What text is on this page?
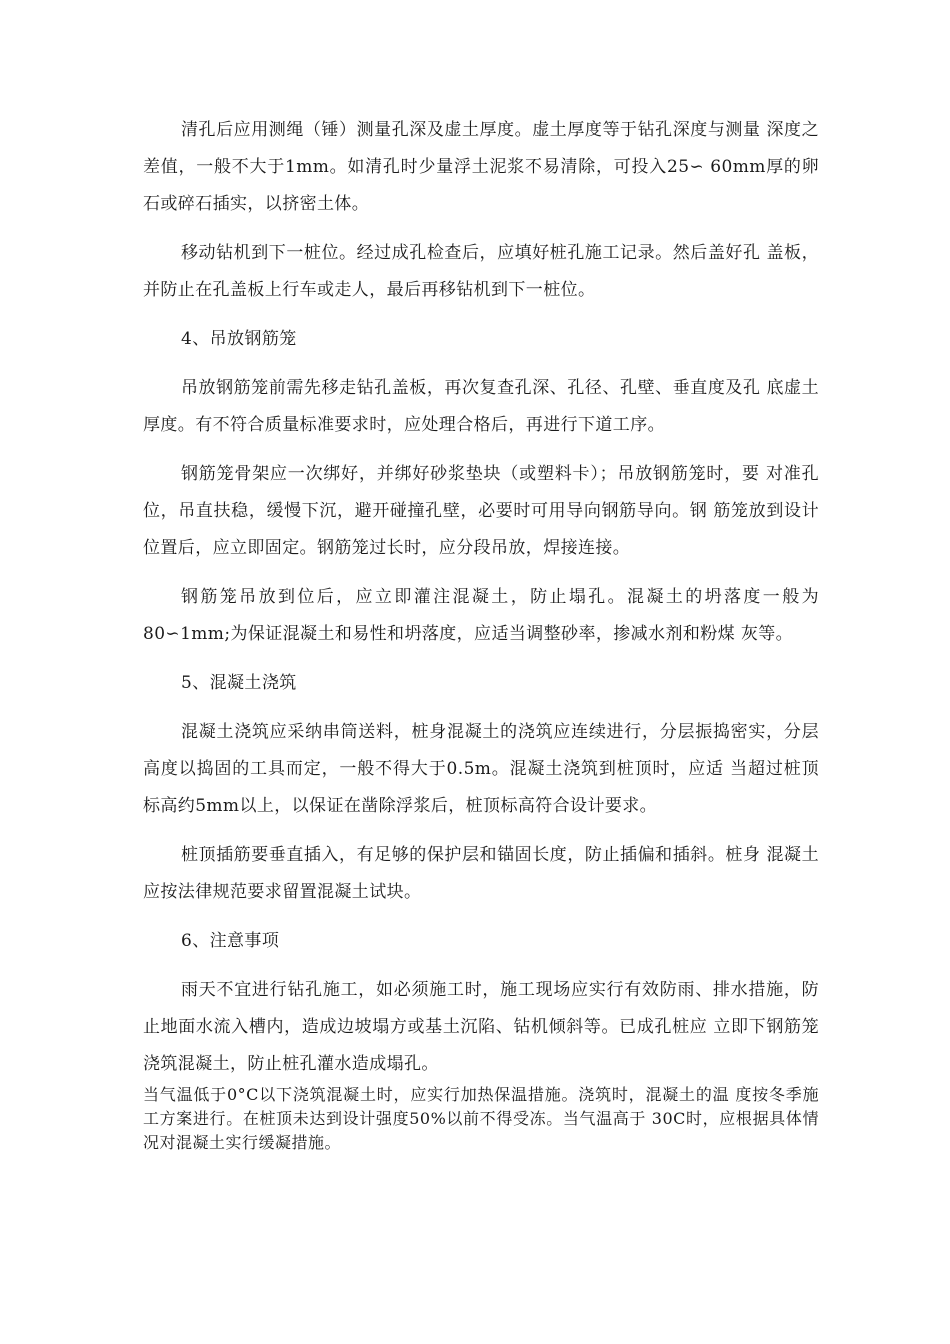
清孔后应用测绳（锤）测量孔深及虚土厚度。虚土厚度等于钻孔深度与测量 深度之差值，一般不大于1mm。如清孔时少量浮土泥浆不易清除，可投入25∽ 60mm厚的卵石或碎石插实，以挤密土体。

移动钻机到下一桩位。经过成孔检查后，应填好桩孔施工记录。然后盖好孔 盖板，并防止在孔盖板上行车或走人，最后再移钻机到下一桩位。

4、吊放钢筋笼

吊放钢筋笼前需先移走钻孔盖板，再次复查孔深、孔径、孔壁、垂直度及孔 底虚土厚度。有不符合质量标准要求时，应处理合格后，再进行下道工序。

钢筋笼骨架应一次绑好，并绑好砂浆垫块（或塑料卡）；吊放钢筋笼时，要 对准孔位，吊直扶稳，缓慢下沉，避开碰撞孔壁，必要时可用导向钢筋导向。钢 筋笼放到设计位置后，应立即固定。钢筋笼过长时，应分段吊放，焊接连接。

钢筋笼吊放到位后，应立即灌注混凝土，防止塌孔。混凝土的坍落度一般为80∽1mm;为保证混凝土和易性和坍落度，应适当调整砂率，掺减水剂和粉煤 灰等。

5、混凝土浇筑

混凝土浇筑应采纳串筒送料，桩身混凝土的浇筑应连续进行，分层振捣密实，分层高度以捣固的工具而定，一般不得大于0.5m。混凝土浇筑到桩顶时，应适 当超过桩顶标高约5mm以上，以保证在凿除浮浆后，桩顶标高符合设计要求。

桩顶插筋要垂直插入，有足够的保护层和锚固长度，防止插偏和插斜。桩身 混凝土应按法律规范要求留置混凝土试块。

6、注意事项

雨天不宜进行钻孔施工，如必须施工时，施工现场应实行有效防雨、排水措施，防止地面水流入槽内，造成边坡塌方或基土沉陷、钻机倾斜等。已成孔桩应 立即下钢筋笼浇筑混凝土，防止桩孔灌水造成塌孔。

当气温低于0°C以下浇筑混凝土时，应实行加热保温措施。浇筑时，混凝土的温 度按冬季施工方案进行。在桩顶未达到设计强度50%以前不得受冻。当气温高于 30C时，应根据具体情况对混凝土实行缓凝措施。
